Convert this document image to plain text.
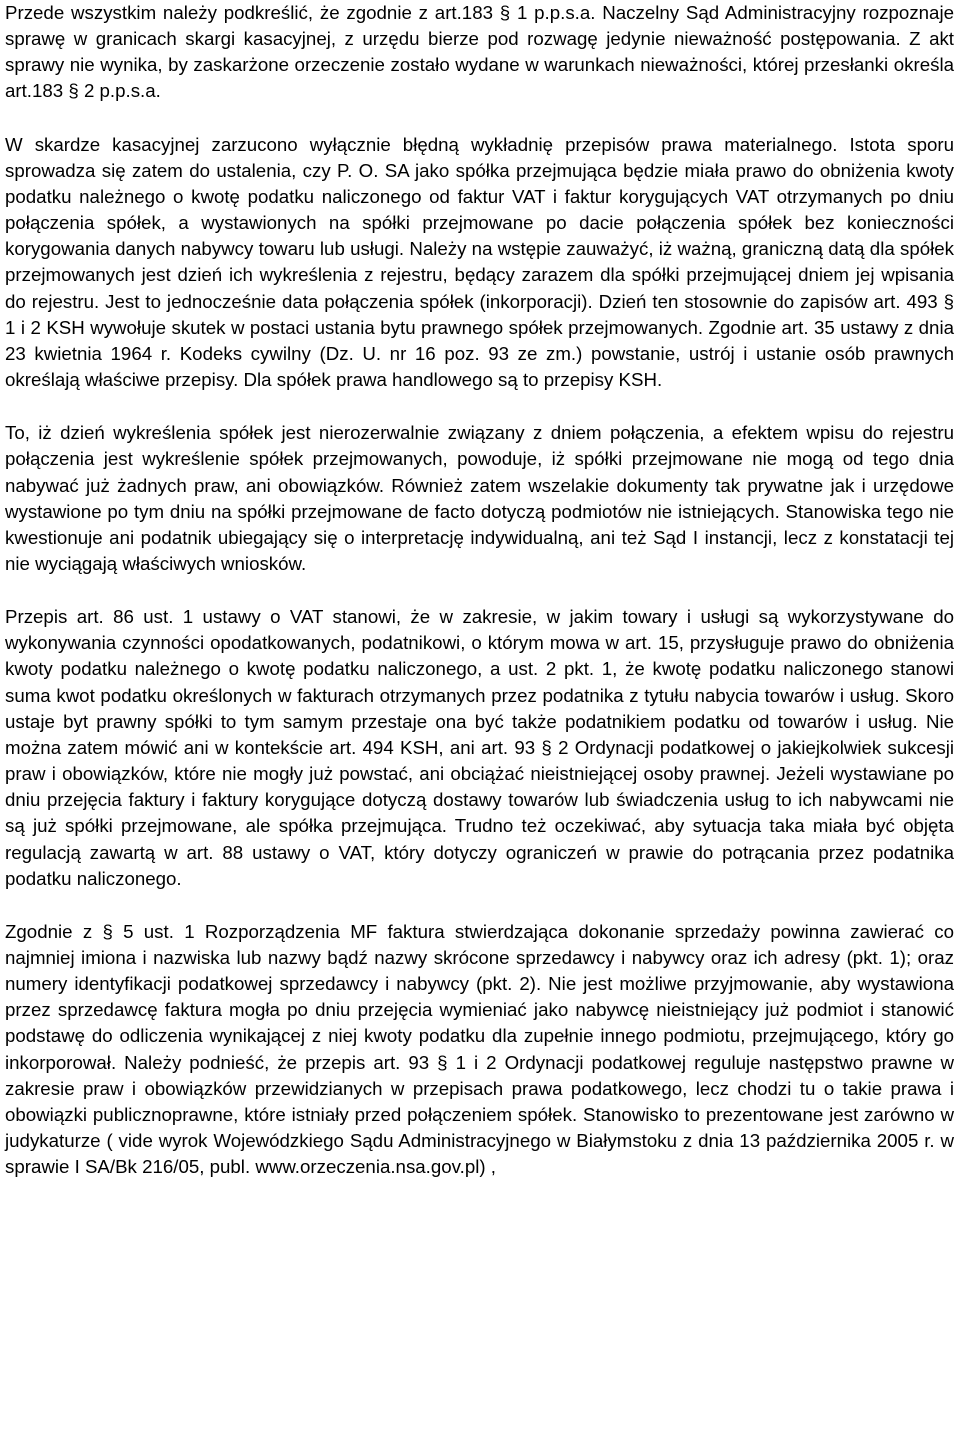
Przede wszystkim należy podkreślić, że zgodnie z art.183 § 1 p.p.s.a. Naczelny Sąd Administracyjny rozpoznaje sprawę w granicach skargi kasacyjnej, z urzędu bierze pod rozwagę jedynie nieważność postępowania. Z akt sprawy nie wynika, by zaskarżone orzeczenie zostało wydane w warunkach nieważności, której przesłanki określa art.183 § 2 p.p.s.a.

W skardze kasacyjnej zarzucono wyłącznie błędną wykładnię przepisów prawa materialnego. Istota sporu sprowadza się zatem do ustalenia, czy P. O. SA jako spółka przejmująca będzie miała prawo do obniżenia kwoty podatku należnego o kwotę podatku naliczonego od faktur VAT i faktur korygujących VAT otrzymanych po dniu połączenia spółek, a wystawionych na spółki przejmowane po dacie połączenia spółek bez konieczności korygowania danych nabywcy towaru lub usługi. Należy na wstępie zauważyć, iż ważną, graniczną datą dla spółek przejmowanych jest dzień ich wykreślenia z rejestru, będący zarazem dla spółki przejmującej dniem jej wpisania do rejestru. Jest to jednocześnie data połączenia spółek (inkorporacji). Dzień ten stosownie do zapisów art. 493 § 1 i 2 KSH wywołuje skutek w postaci ustania bytu prawnego spółek przejmowanych. Zgodnie art. 35 ustawy z dnia 23 kwietnia 1964 r. Kodeks cywilny (Dz. U. nr 16 poz. 93 ze zm.) powstanie, ustrój i ustanie osób prawnych określają właściwe przepisy. Dla spółek prawa handlowego są to przepisy KSH.

To, iż dzień wykreślenia spółek jest nierozerwalnie związany z dniem połączenia, a efektem wpisu do rejestru połączenia jest wykreślenie spółek przejmowanych, powoduje, iż spółki przejmowane nie mogą od tego dnia nabywać już żadnych praw, ani obowiązków. Również zatem wszelakie dokumenty tak prywatne jak i urzędowe wystawione po tym dniu na spółki przejmowane de facto dotyczą podmiotów nie istniejących. Stanowiska tego nie kwestionuje ani podatnik ubiegający się o interpretację indywidualną, ani też Sąd I instancji, lecz z konstatacji tej nie wyciągają właściwych wniosków.

Przepis art. 86 ust. 1 ustawy o VAT stanowi, że w zakresie, w jakim towary i usługi są wykorzystywane do wykonywania czynności opodatkowanych, podatnikowi, o którym mowa w art. 15, przysługuje prawo do obniżenia kwoty podatku należnego o kwotę podatku naliczonego, a ust. 2 pkt. 1, że kwotę podatku naliczonego stanowi suma kwot podatku określonych w fakturach otrzymanych przez podatnika z tytułu nabycia towarów i usług. Skoro ustaje byt prawny spółki to tym samym przestaje ona być także podatnikiem podatku od towarów i usług. Nie można zatem mówić ani w kontekście art. 494 KSH, ani art. 93 § 2 Ordynacji podatkowej o jakiejkolwiek sukcesji praw i obowiązków, które nie mogły już powstać, ani obciążać nieistniejącej osoby prawnej. Jeżeli wystawiane po dniu przejęcia faktury i faktury korygujące dotyczą dostawy towarów lub świadczenia usług to ich nabywcami nie są już spółki przejmowane, ale spółka przejmująca. Trudno też oczekiwać, aby sytuacja taka miała być objęta regulacją zawartą w art. 88 ustawy o VAT, który dotyczy ograniczeń w prawie do potrącania przez podatnika podatku naliczonego.

Zgodnie z § 5 ust. 1 Rozporządzenia MF faktura stwierdzająca dokonanie sprzedaży powinna zawierać co najmniej imiona i nazwiska lub nazwy bądź nazwy skrócone sprzedawcy i nabywcy oraz ich adresy (pkt. 1); oraz numery identyfikacji podatkowej sprzedawcy i nabywcy (pkt. 2). Nie jest możliwe przyjmowanie, aby wystawiona przez sprzedawcę faktura mogła po dniu przejęcia wymieniać jako nabywcę nieistniejący już podmiot i stanowić podstawę do odliczenia wynikającej z niej kwoty podatku dla zupełnie innego podmiotu, przejmującego, który go inkorporował. Należy podnieść, że przepis art. 93 § 1 i 2 Ordynacji podatkowej reguluje następstwo prawne w zakresie praw i obowiązków przewidzianych w przepisach prawa podatkowego, lecz chodzi tu o takie prawa i obowiązki publicznoprawne, które istniały przed połączeniem spółek. Stanowisko to prezentowane jest zarówno w judykaturze ( vide wyrok Wojewódzkiego Sądu Administracyjnego w Białymstoku z dnia 13 października 2005 r. w sprawie I SA/Bk 216/05, publ. www.orzeczenia.nsa.gov.pl) ,
